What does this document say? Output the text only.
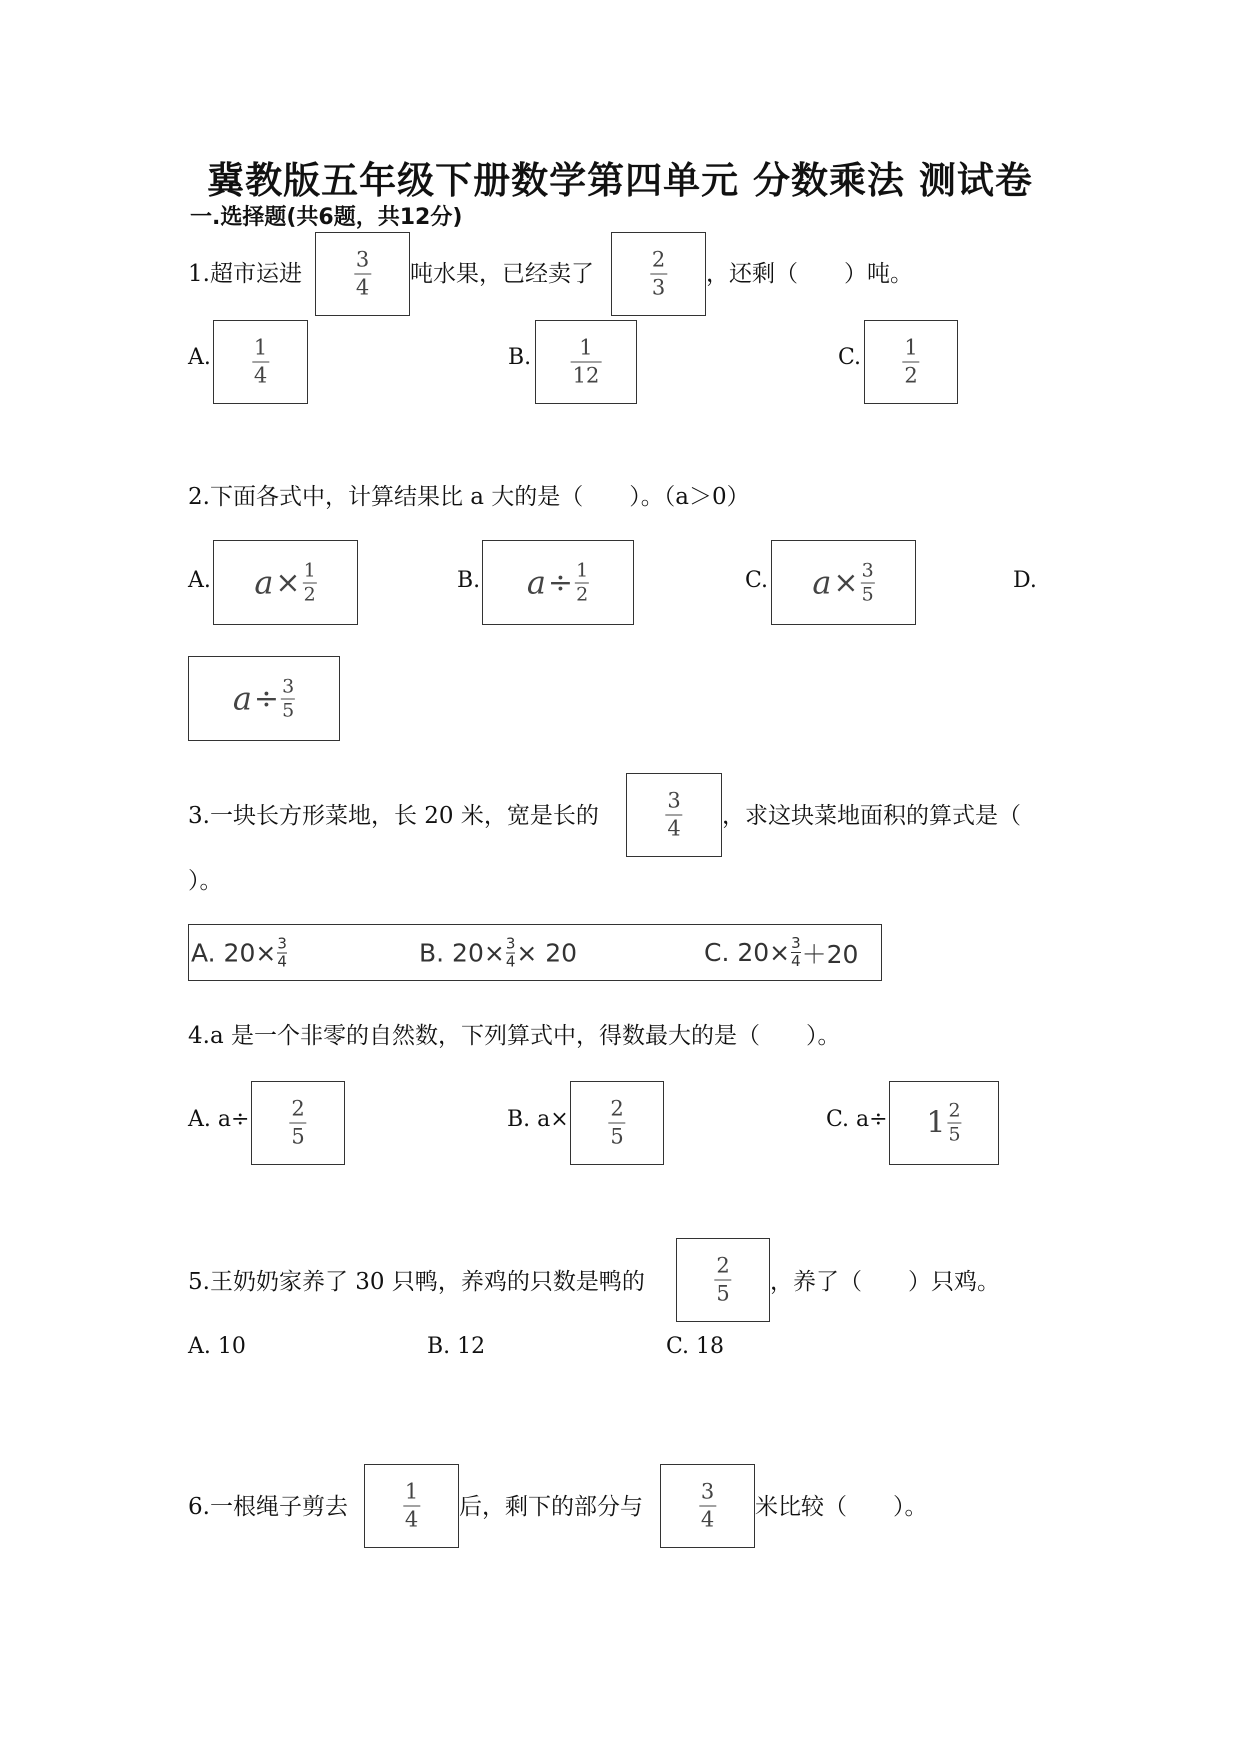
冀教版五年级下册数学第四单元 分数乘法 测试卷
一.选择题(共6题，共12分)
1.超市运进 $\frac{3}{4}$ 吨水果，已经卖了	$\frac{2}{3}$ ，还剩（　　）吨。
A. $\frac{1}{4}$	B. $\frac{1}{12}$	C. $\frac{1}{2}$
2.下面各式中，计算结果比 a 大的是（　　）。（a＞0）
A. $a \times \frac{1}{2}$	B. $a \div \frac{1}{2}$	C. $a \times \frac{3}{5}$	D.
$a \div \frac{3}{5}$
3.一块长方形菜地，长 20 米，宽是长的	$\frac{3}{4}$ ，求这块菜地面积的算式是（
）。
A. $20\times \frac{3}{4}$	B. $20\times \frac{3}{4} \times 20$	C. $20\times \frac{3}{4} +20$
4.a 是一个非零的自然数，下列算式中，得数最大的是（　　）。
A. $a\div \frac{2}{5}$	B. $a\times \frac{2}{5}$	C. a÷ 1 2
5
5.王奶奶家养了 30 只鸭，养鸡的只数是鸭的	$\frac{2}{5}$ ，养了（　　）只鸡。
A. 10	B. 12	C. 18
6.一根绳子剪去	$\frac{1}{4}$ 后，剩下的部分与	$\frac{3}{4}$ 米比较（　　）。
